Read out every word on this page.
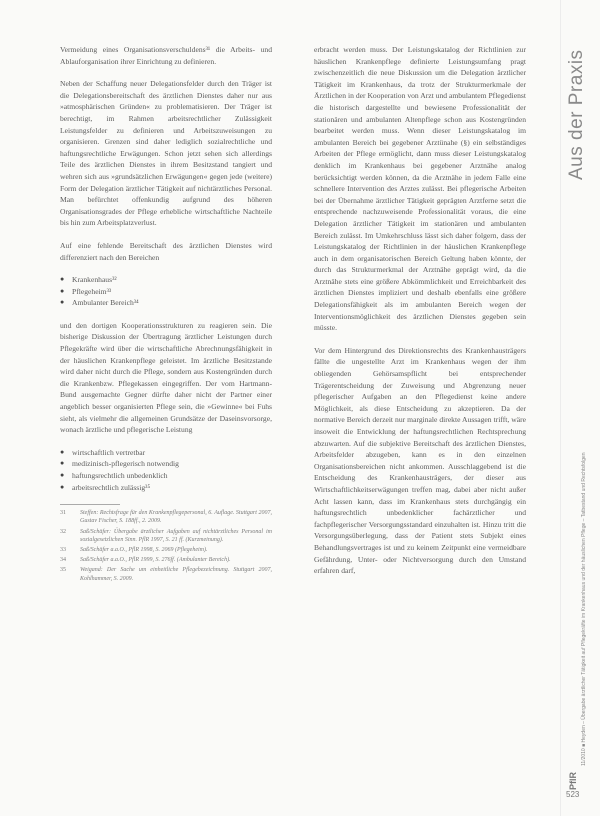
Vermeidung eines Organisationsverschuldens³¹ die Arbeits- und Ablauforganisation ihrer Einrichtung zu definieren.

Neben der Schaffung neuer Delegationsfelder durch den Träger ist die Delegationsbereitschaft des ärztlichen Dienstes daher nur aus »atmosphärischen Gründen« zu problematisieren. Der Träger ist berechtigt, im Rahmen arbeitsrechtlicher Zulässigkeit Leistungsfelder zu definieren und Arbeitszuweisungen zu organisieren. Grenzen sind daher lediglich sozialrechtliche und haftungsrechtliche Erwägungen. Schon jetzt sehen sich allerdings Teile des ärztlichen Dienstes in ihrem Besitzstand tangiert und wehren sich aus »grundsätzlichen Erwägungen« gegen jede (weitere) Form der Delegation ärztlicher Tätigkeit auf nichtärztliches Personal. Man befürchtet offenkundig aufgrund des höheren Organisationsgrades der Pflege erhebliche wirtschaftliche Nachteile bis hin zum Arbeitsplatzverlust.

Auf eine fehlende Bereitschaft des ärztlichen Dienstes wird differenziert nach den Bereichen

● Krankenhaus³²
● Pflegeheim³³
● Ambulanter Bereich³⁴

und den dortigen Kooperationsstrukturen zu reagieren sein. Die bisherige Diskussion der Übertragung ärztlicher Leistungen durch Pflegekräfte wird über die wirtschaftliche Abrechnungsfähigkeit in der häuslichen Krankenpflege geleistet. Im ärztliche Besitzstande wird daher nicht durch die Pflege, sondern aus Kostengründen durch die Krankenbzw. Pflegekassen eingegriffen. Der vom Hartmann-Bund ausgemachte Gegner dürfte daher nicht der Partner einer angeblich besser organisierten Pflege sein, die »Gewinne« bei Fuhs sieht, als vielmehr die allgemeinen Grundsätze der Daseinsvorsorge, wonach ärztliche und pflegerische Leistung

● wirtschaftlich vertretbar
● medizinisch-pflegerisch notwendig
● haftungsrechtlich unbedenklich
● arbeitsrechtlich zulässig³⁵
31	Steffen: Rechtsfrage für den Krankenpflegepersonal, 6. Auflage. Stuttgart 2007, Gustav Fischer, S. 188ff., 2. 2009.
32	Saß/Schäfer: Übergabe ärztlicher Aufgaben auf nichtärztliches Personal im sozialgesetzlichen Sinn. PflR 1997, S. 21 ff. (Kurzmeinung).
33	Saß/Schäfer a.a.O., PflR 1998, S. 2069 (Pflegeheim).
34	Saß/Schäfer a.a.O., PflR 1999, S. 276ff. (Ambulanter Bereich).
35	Weigand: Der Sache um einheitliche Pflegebezeichnung. Stuttgart 2007, Kohlhammer, S. 2009.

erbracht werden muss. Der Leistungskatalog der Richtlinien zur häuslichen Krankenpflege definierte Leistungsumfang pragt zwischenzeitlich die neue Diskussion um die Delegation ärztlicher Tätigkeit im Krankenhaus, da trotz der Strukturmerkmale der Ärztlichen in der Kooperation von Arzt und ambulantem Pflegedienst die historisch dargestellte und bewiesene Professionalität der stationären und ambulanten Altenpflege schon aus Kostengründen bearbeitet werden muss. Wenn dieser Leistungskatalog im ambulanten Bereich bei gegebener Arztünahe (§) ein selbständiges Arbeiten der Pflege ermöglicht, dann muss dieser Leistungskatalog denklich im Krankenhaus bei gegebener Arztnähe analog berücksichtigt werden können, da die Arztnähe in jedem Falle eine schnellere Intervention des Arztes zulässt. Bei pflegerische Arbeiten bei der Übernahme ärztlicher Tätigkeit geprägten Arztferne setzt die entsprechende nachzuweisende Professionalität voraus, die eine Delegation ärztlicher Tätigkeit im stationären und ambulanten Bereich zulässt. Im Umkehrschluss lässt sich daher folgern, dass der Leistungskatalog der Richtlinien in der häuslichen Krankenpflege auch in dem organisatorischen Bereich Geltung haben könnte, der durch das Strukturmerkmal der Arztnähe geprägt wird, da die Arztnähe stets eine größere Abkömmlichkeit und Erreichbarkeit des ärztlichen Dienstes impliziert und deshalb ebenfalls eine größere Delegationsfähigkeit als im ambulanten Bereich wegen der Interventionsmöglichkeit des ärztlichen Dienstes gegeben sein müsste.

Vor dem Hintergrund des Direktionsrechts des Krankenhausträgers fällte die ungestellte Arzt im Krankenhaus wegen der ihm obliegenden Gehörsamspflicht bei entsprechender Trägerentscheidung der Zuweisung und Abgrenzung neuer pflegerischer Aufgaben an den Pflegedienst keine andere Möglichkeit, als diese Entscheidung zu akzeptieren. Da der normative Bereich derzeit nur marginale direkte Aussagen trifft, wäre insoweit die Entwicklung der haftungsrechtlichen Rechtsprechung abzuwarten. Auf die subjektive Bereitschaft des ärztlichen Dienstes, Arbeitsfelder abzugeben, kann es in den einzelnen Organisationsbereichen nicht ankommen. Ausschlaggebend ist die Entscheidung des Krankenhausträgers, der dieser aus Wirtschaftlichkeitserwägungen treffen mag, dabei aber nicht außer Acht lassen kann, dass im Krankenhaus stets durchgängig ein haftungsrechtlich unbedenklicher fachärztlicher und fachpflegerischer Versorgungsstandard einzuhalten ist. Hinzu tritt die Versorgungsüberlegung, dass der Patient stets Subjekt eines Behandlungsvertrages ist und zu keinem Zeitpunkt eine vermeidbare Gefährdung, Unter- oder Nichtversorgung durch den Umstand erfahren darf,

Aus der Praxis
11/2010 ■ Heyden – Übergabe ärztlicher Tätigkeit auf Pflegekräfte im Krankenhaus und der häuslichen Pflege – Tatbestand und Rechtsfolgen
PflR
523
